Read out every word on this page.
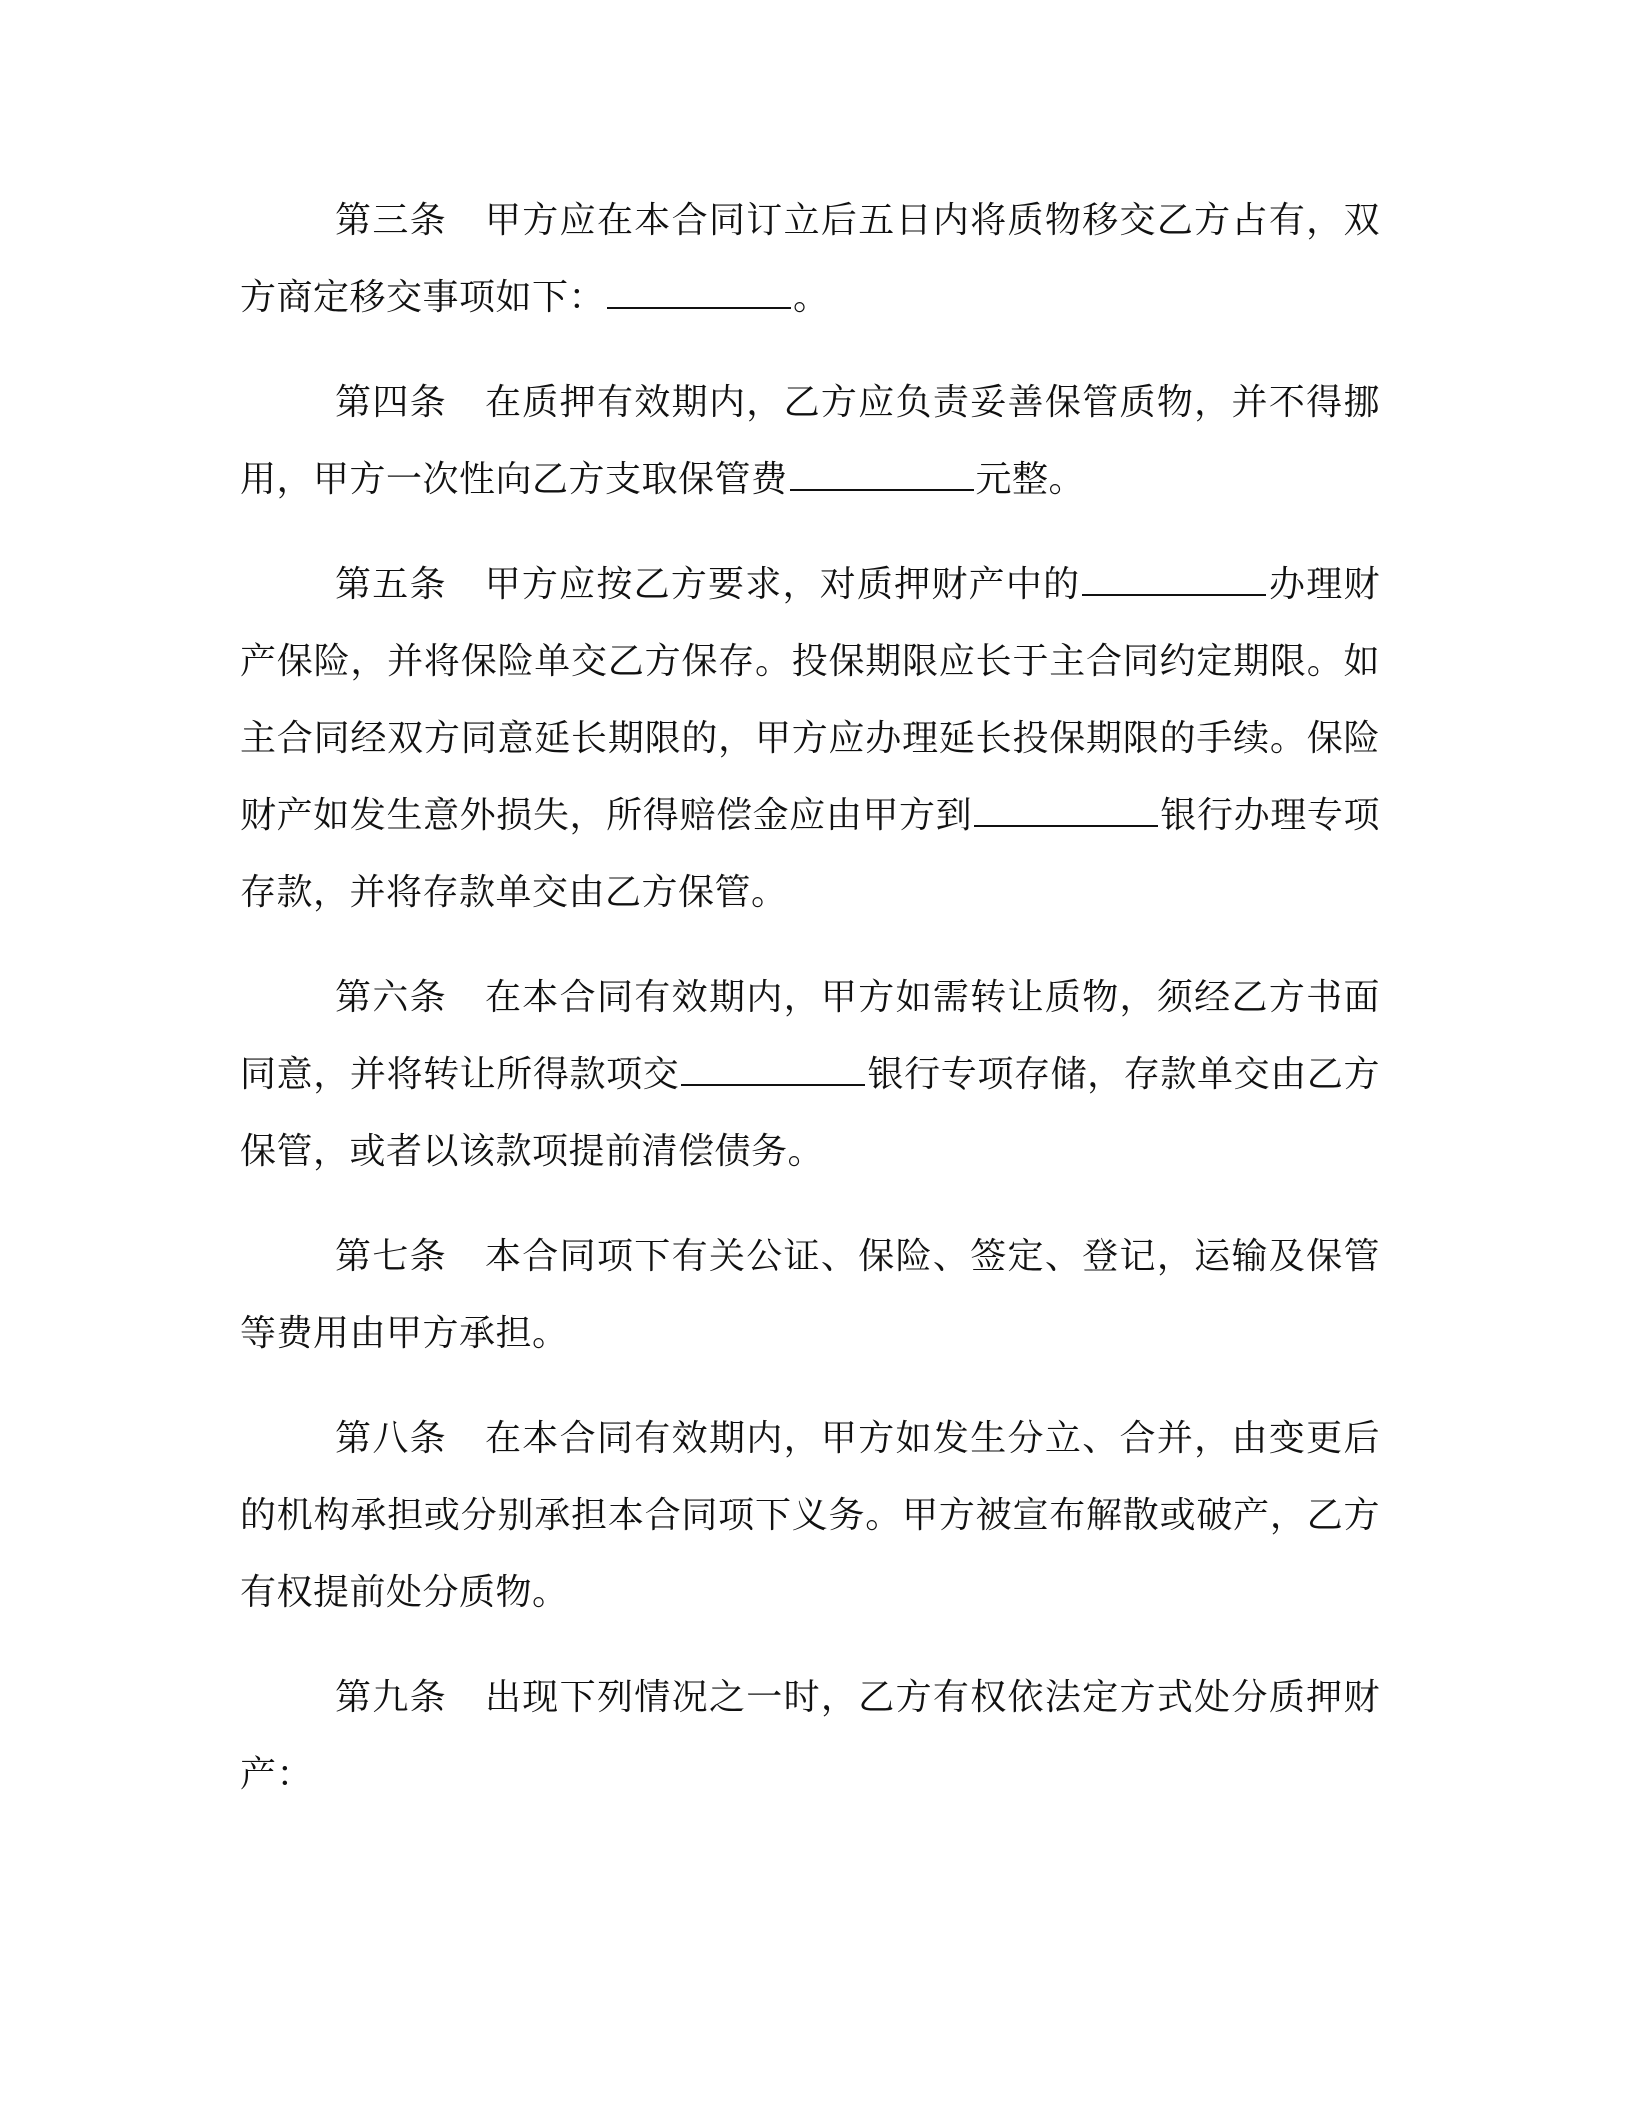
第三条 甲方应在本合同订立后五日内将质物移交乙方占有，双方商定移交事项如下：	。

第四条 在质押有效期内，乙方应负责妥善保管质物，并不得挪用，甲方一次性向乙方支取保管费	元整。

第五条 甲方应按乙方要求，对质押财产中的	办理财产保险，并将保险单交乙方保存。投保期限应长于主合同约定期限。如主合同经双方同意延长期限的，甲方应办理延长投保期限的手续。保险财产如发生意外损失，所得赔偿金应由甲方到	银行办理专项存款，并将存款单交由乙方保管。

第六条 在本合同有效期内，甲方如需转让质物，须经乙方书面同意，并将转让所得款项交	银行专项存储，存款单交由乙方保管，或者以该款项提前清偿债务。

第七条 本合同项下有关公证、保险、签定、登记，运输及保管等费用由甲方承担。

第八条 在本合同有效期内，甲方如发生分立、合并，由变更后的机构承担或分别承担本合同项下义务。甲方被宣布解散或破产，乙方有权提前处分质物。

第九条 出现下列情况之一时，乙方有权依法定方式处分质押财产：
